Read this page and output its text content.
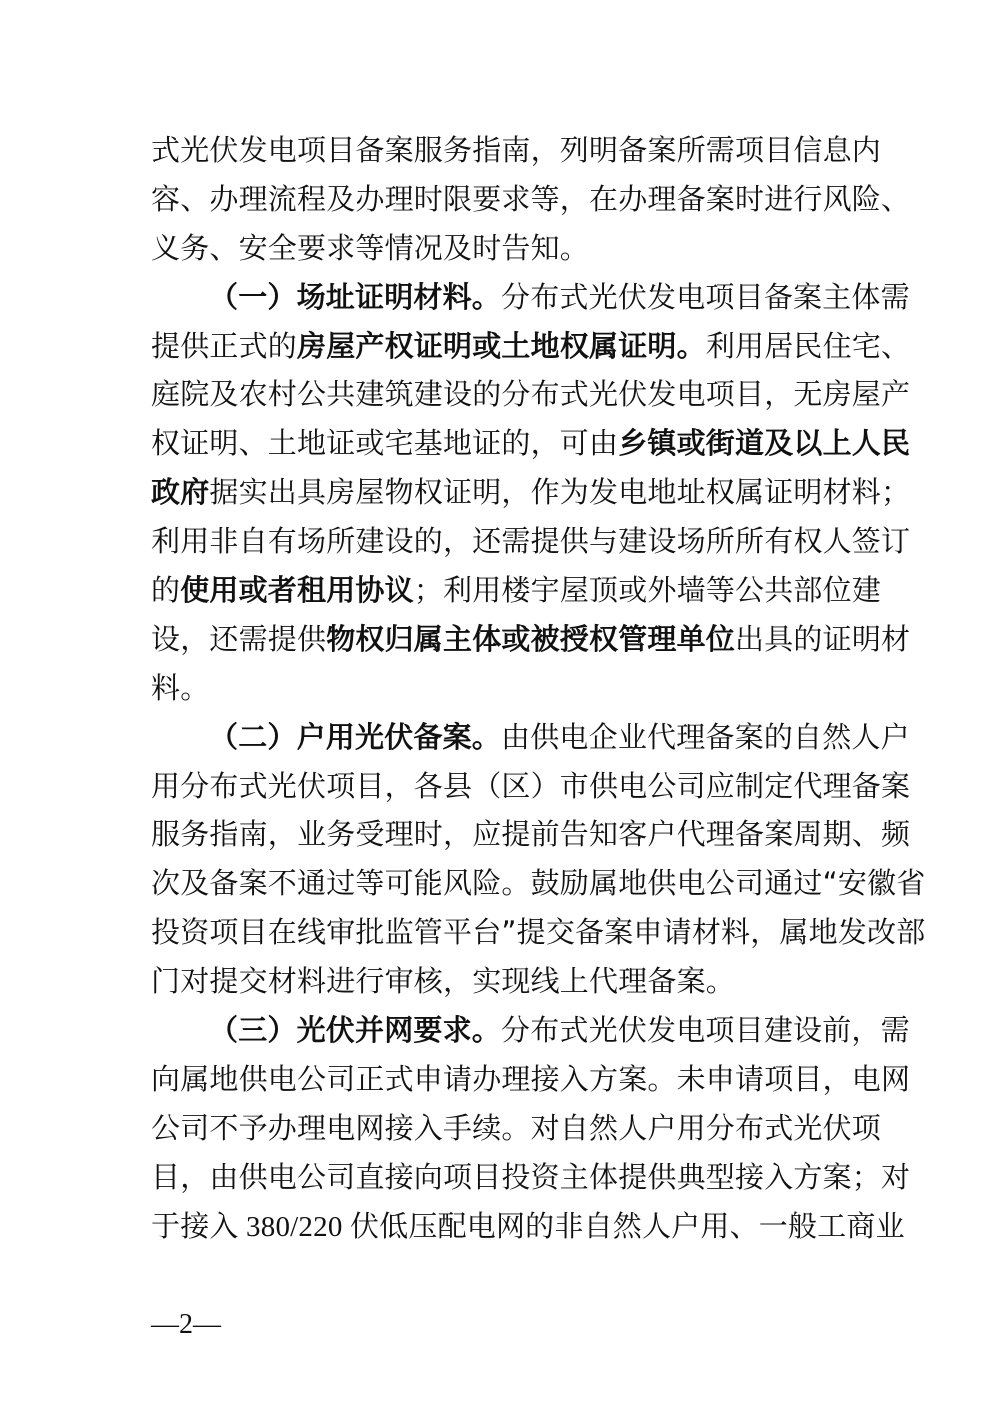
式光伏发电项目备案服务指南，列明备案所需项目信息内
容、办理流程及办理时限要求等，在办理备案时进行风险、
义务、安全要求等情况及时告知。
（一）场址证明材料。分布式光伏发电项目备案主体需
提供正式的房屋产权证明或土地权属证明。利用居民住宅、
庭院及农村公共建筑建设的分布式光伏发电项目，无房屋产
权证明、土地证或宅基地证的，可由乡镇或街道及以上人民
政府据实出具房屋物权证明，作为发电地址权属证明材料；
利用非自有场所建设的，还需提供与建设场所所有权人签订
的使用或者租用协议；利用楼宇屋顶或外墙等公共部位建
设，还需提供物权归属主体或被授权管理单位出具的证明材
料。
（二）户用光伏备案。由供电企业代理备案的自然人户
用分布式光伏项目，各县（区）市供电公司应制定代理备案
服务指南，业务受理时，应提前告知客户代理备案周期、频
次及备案不通过等可能风险。鼓励属地供电公司通过“安徽省
投资项目在线审批监管平台”提交备案申请材料，属地发改部
门对提交材料进行审核，实现线上代理备案。
（三）光伏并网要求。分布式光伏发电项目建设前，需
向属地供电公司正式申请办理接入方案。未申请项目，电网
公司不予办理电网接入手续。对自然人户用分布式光伏项
目，由供电公司直接向项目投资主体提供典型接入方案；对
于接入 380/220 伏低压配电网的非自然人户用、一般工商业
—2—
